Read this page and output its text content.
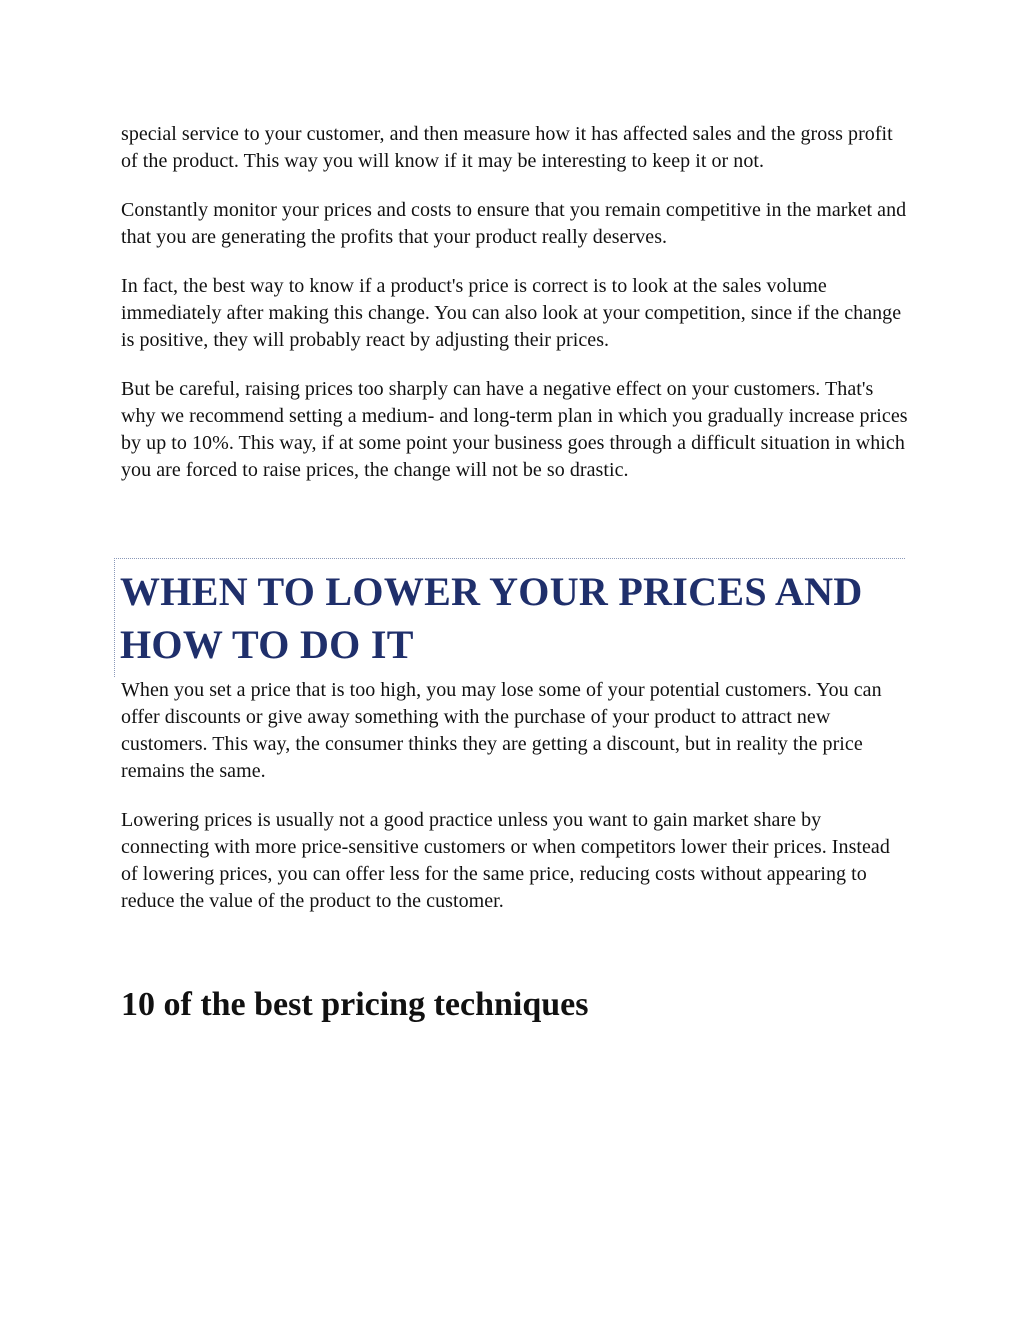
special service to your customer, and then measure how it has affected sales and the gross profit of the product. This way you will know if it may be interesting to keep it or not.

Constantly monitor your prices and costs to ensure that you remain competitive in the market and that you are generating the profits that your product really deserves.

In fact, the best way to know if a product's price is correct is to look at the sales volume immediately after making this change. You can also look at your competition, since if the change is positive, they will probably react by adjusting their prices.

But be careful, raising prices too sharply can have a negative effect on your customers. That's why we recommend setting a medium- and long-term plan in which you gradually increase prices by up to 10%. This way, if at some point your business goes through a difficult situation in which you are forced to raise prices, the change will not be so drastic.

WHEN TO LOWER YOUR PRICES AND HOW TO DO IT

When you set a price that is too high, you may lose some of your potential customers. You can offer discounts or give away something with the purchase of your product to attract new customers. This way, the consumer thinks they are getting a discount, but in reality the price remains the same.

Lowering prices is usually not a good practice unless you want to gain market share by connecting with more price-sensitive customers or when competitors lower their prices. Instead of lowering prices, you can offer less for the same price, reducing costs without appearing to reduce the value of the product to the customer.

10 of the best pricing techniques
